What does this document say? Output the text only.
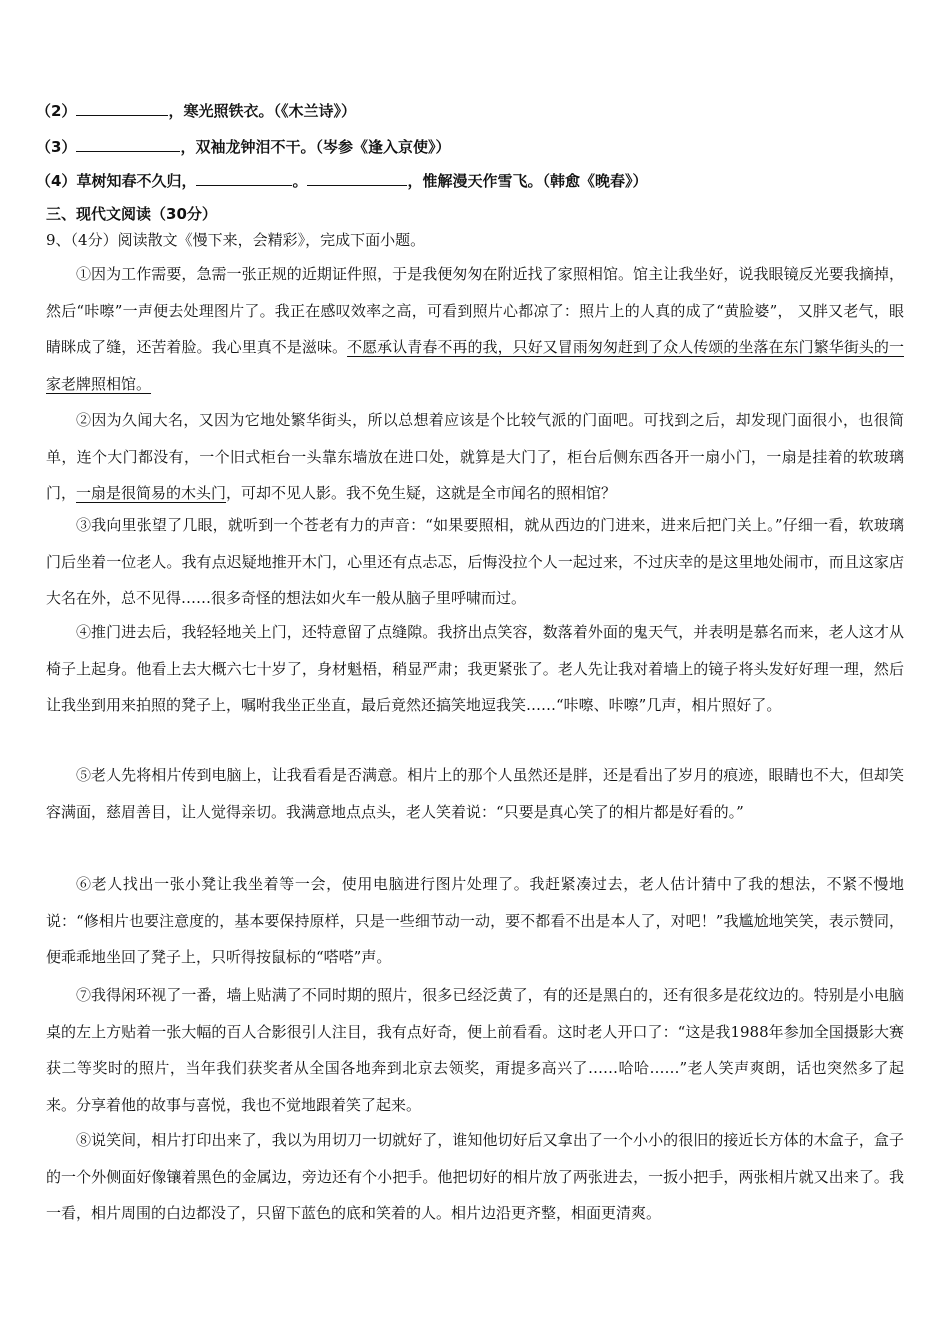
（2）	，寒光照铁衣。（《木兰诗》）
（3）	，双袖龙钟泪不干。（岑参《逢入京使》）
（4）草树知春不久归，	。	，惟解漫天作雪飞。（韩愈《晚春》）
三、现代文阅读（30分）
9、（4分）阅读散文《慢下来，会精彩》，完成下面小题。
①因为工作需要，急需一张正规的近期证件照，于是我便匆匆在附近找了家照相馆。馆主让我坐好，说我眼镜反光要我摘掉，然后“咔嚓”一声便去处理图片了。我正在感叹效率之高，可看到照片心都凉了：照片上的人真的成了“黄脸婆”， 又胖又老气，眼睛眯成了缝，还苦着脸。我心里真不是滋味。不愿承认青春不再的我，只好又冒雨匆匆赶到了众人传颂的坐落在东门繁华街头的一家老牌照相馆。
②因为久闻大名，又因为它地处繁华街头，所以总想着应该是个比较气派的门面吧。可找到之后，却发现门面很小，也很简单，连个大门都没有，一个旧式柜台一头靠东墙放在进口处，就算是大门了，柜台后侧东西各开一扇小门，一扇是挂着的软玻璃门，一扇是很简易的木头门，可却不见人影。我不免生疑，这就是全市闻名的照相馆？
③我向里张望了几眼，就听到一个苍老有力的声音：“如果要照相，就从西边的门进来，进来后把门关上。”仔细一看，软玻璃门后坐着一位老人。我有点迟疑地推开木门，心里还有点忐忑，后悔没拉个人一起过来，不过庆幸的是这里地处闹市，而且这家店大名在外，总不见得……很多奇怪的想法如火车一般从脑子里呼啸而过。
④推门进去后，我轻轻地关上门，还特意留了点缝隙。我挤出点笑容，数落着外面的鬼天气，并表明是慕名而来，老人这才从椅子上起身。他看上去大概六七十岁了，身材魁梧，稍显严肃；我更紧张了。老人先让我对着墙上的镜子将头发好好理一理，然后让我坐到用来拍照的凳子上，嘱咐我坐正坐直，最后竟然还搞笑地逗我笑……“咔嚓、咔嚓”几声，相片照好了。
⑤老人先将相片传到电脑上，让我看看是否满意。相片上的那个人虽然还是胖，还是看出了岁月的痕迹，眼睛也不大，但却笑容满面，慈眉善目，让人觉得亲切。我满意地点点头，老人笑着说：“只要是真心笑了的相片都是好看的。”
⑥老人找出一张小凳让我坐着等一会，使用电脑进行图片处理了。我赶紧凑过去，老人估计猜中了我的想法，不紧不慢地说：“修相片也要注意度的，基本要保持原样，只是一些细节动一动，要不都看不出是本人了，对吧！”我尴尬地笑笑，表示赞同，便乖乖地坐回了凳子上，只听得按鼠标的“嗒嗒”声。
⑦我得闲环视了一番，墙上贴满了不同时期的照片，很多已经泛黄了，有的还是黑白的，还有很多是花纹边的。特别是小电脑桌的左上方贴着一张大幅的百人合影很引人注目，我有点好奇，便上前看看。这时老人开口了：“这是我1988年参加全国摄影大赛获二等奖时的照片，当年我们获奖者从全国各地奔到北京去领奖，甭提多高兴了……哈哈……”老人笑声爽朗，话也突然多了起来。分享着他的故事与喜悦，我也不觉地跟着笑了起来。
⑧说笑间，相片打印出来了，我以为用切刀一切就好了，谁知他切好后又拿出了一个小小的很旧的接近长方体的木盒子，盒子的一个外侧面好像镶着黑色的金属边，旁边还有个小把手。他把切好的相片放了两张进去，一扳小把手，两张相片就又出来了。我一看，相片周围的白边都没了，只留下蓝色的底和笑着的人。相片边沿更齐整，相面更清爽。
